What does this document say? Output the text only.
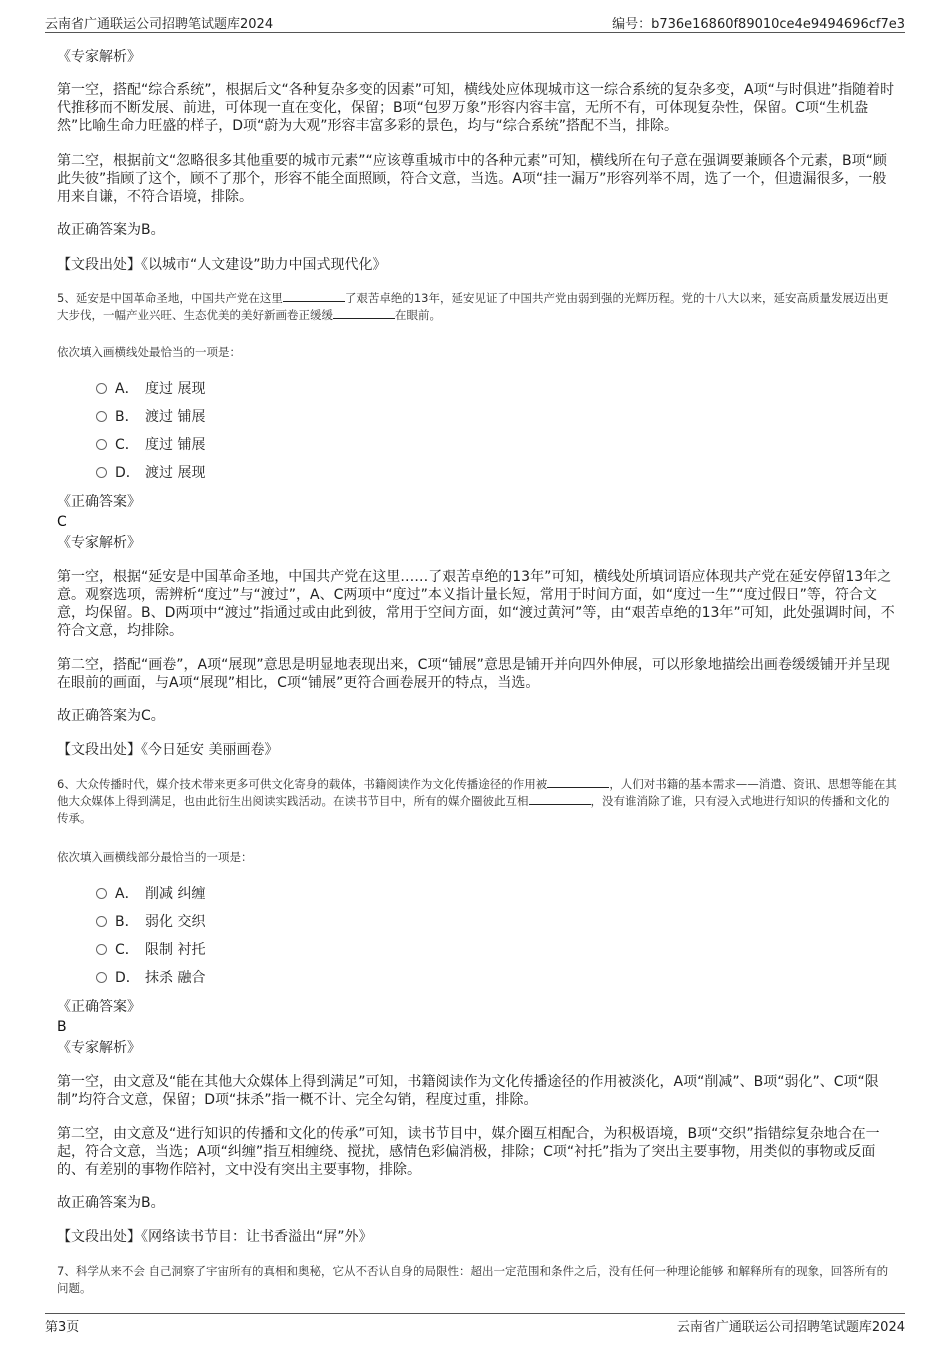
云南省广通联运公司招聘笔试题库2024	编号：b736e16860f89010ce4e9494696cf7e3
《专家解析》
第一空，搭配“综合系统”，根据后文“各种复杂多变的因素”可知，横线处应体现城市这一综合系统的复杂多变，A项“与时俱进”指随着时代推移而不断发展、前进，可体现一直在变化，保留；B项“包罗万象”形容内容丰富，无所不有，可体现复杂性，保留。C项“生机盎然”比喻生命力旺盛的样子，D项“蔚为大观”形容丰富多彩的景色，均与“综合系统”搭配不当，排除。
第二空，根据前文“忽略很多其他重要的城市元素”“应该尊重城市中的各种元素”可知，横线所在句子意在强调要兼顾各个元素，B项“顾此失彼”指顾了这个，顾不了那个，形容不能全面照顾，符合文意，当选。A项“挂一漏万”形容列举不周，选了一个，但遗漏很多，一般用来自谦，不符合语境，排除。
故正确答案为B。
【文段出处】《以城市“人文建设”助力中国式现代化》
5、延安是中国革命圣地，中国共产党在这里	了艰苦卓绝的13年，延安见证了中国共产党由弱到强的光辉历程。党的十八大以来，延安高质量发展迈出更大步伐，一幅产业兴旺、生态优美的美好新画卷正缓缓	在眼前。
依次填入画横线处最恰当的一项是：
A． 度过 展现
B． 渡过 铺展
C． 度过 铺展
D． 渡过 展现
《正确答案》
C
《专家解析》
第一空，根据“延安是中国革命圣地，中国共产党在这里……了艰苦卓绝的13年”可知，横线处所填词语应体现共产党在延安停留13年之意。观察选项，需辨析“度过”与“渡过”，A、C两项中“度过”本义指计量长短，常用于时间方面，如“度过一生”“度过假日”等，符合文意，均保留。B、D两项中“渡过”指通过或由此到彼，常用于空间方面，如“渡过黄河”等，由“艰苦卓绝的13年”可知，此处强调时间，不符合文意，均排除。
第二空，搭配“画卷”，A项“展现”意思是明显地表现出来，C项“铺展”意思是铺开并向四外伸展，可以形象地描绘出画卷缓缓铺开并呈现在眼前的画面，与A项“展现”相比，C项“铺展”更符合画卷展开的特点，当选。
故正确答案为C。
【文段出处】《今日延安 美丽画卷》
6、大众传播时代，媒介技术带来更多可供文化寄身的载体，书籍阅读作为文化传播途径的作用被	，人们对书籍的基本需求——消遣、资讯、思想等能在其他大众媒体上得到满足，也由此衍生出阅读实践活动。在读书节目中，所有的媒介圈彼此互相	，没有谁消除了谁，只有浸入式地进行知识的传播和文化的传承。
依次填入画横线部分最恰当的一项是：
A． 削减 纠缠
B． 弱化 交织
C． 限制 衬托
D． 抹杀 融合
《正确答案》
B
《专家解析》
第一空，由文意及“能在其他大众媒体上得到满足”可知，书籍阅读作为文化传播途径的作用被淡化，A项“削减”、B项“弱化”、C项“限制”均符合文意，保留；D项“抹杀”指一概不计、完全勾销，程度过重，排除。
第二空，由文意及“进行知识的传播和文化的传承”可知，读书节目中，媒介圈互相配合，为积极语境，B项“交织”指错综复杂地合在一起，符合文意，当选；A项“纠缠”指互相缠绕、搅扰，感情色彩偏消极，排除；C项“衬托”指为了突出主要事物，用类似的事物或反面的、有差别的事物作陪衬，文中没有突出主要事物，排除。
故正确答案为B。
【文段出处】《网络读书节目：让书香溢出“屏”外》
7、科学从来不会 自己洞察了宇宙所有的真相和奥秘，它从不否认自身的局限性：超出一定范围和条件之后，没有任何一种理论能够 和解释所有的现象，回答所有的问题。
第3页	云南省广通联运公司招聘笔试题库2024
